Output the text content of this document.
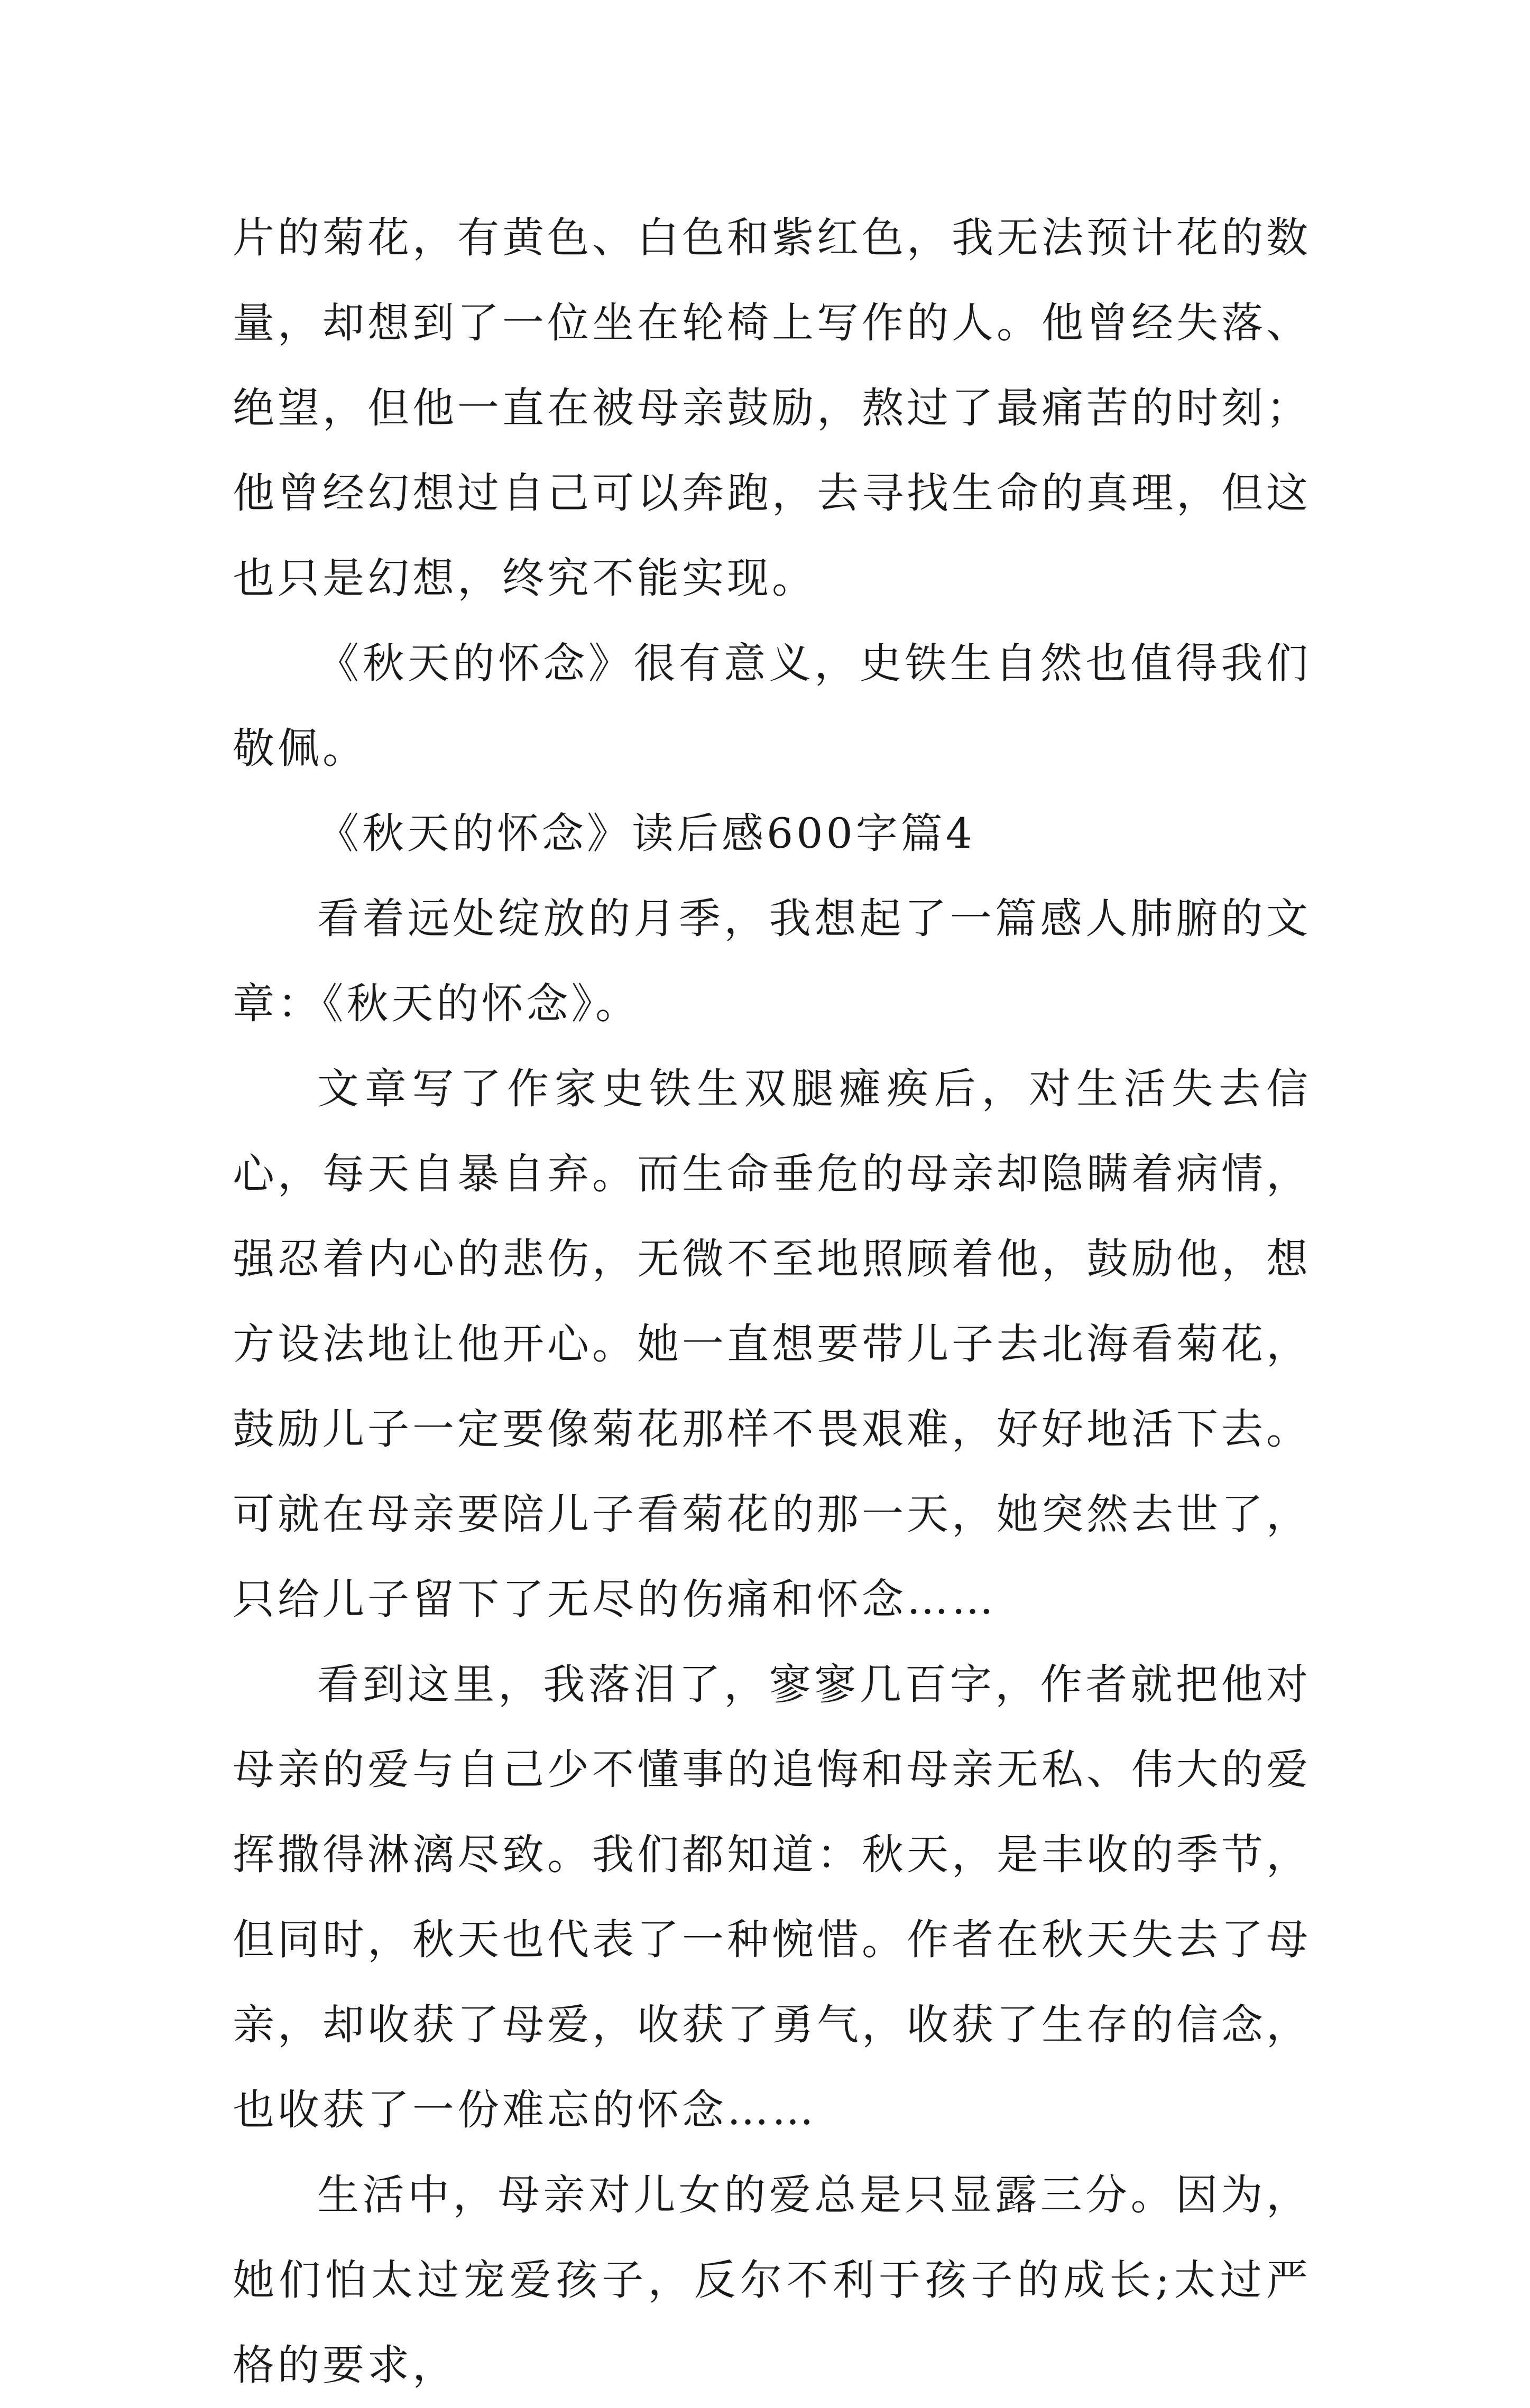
片的菊花，有黄色、白色和紫红色，我无法预计花的数量，却想到了一位坐在轮椅上写作的人。他曾经失落、绝望，但他一直在被母亲鼓励，熬过了最痛苦的时刻；他曾经幻想过自己可以奔跑，去寻找生命的真理，但这也只是幻想，终究不能实现。

《秋天的怀念》很有意义，史铁生自然也值得我们敬佩。

《秋天的怀念》读后感600字篇4

看着远处绽放的月季，我想起了一篇感人肺腑的文章：《秋天的怀念》。

文章写了作家史铁生双腿瘫痪后，对生活失去信心，每天自暴自弃。而生命垂危的母亲却隐瞒着病情，强忍着内心的悲伤，无微不至地照顾着他，鼓励他，想方设法地让他开心。她一直想要带儿子去北海看菊花，鼓励儿子一定要像菊花那样不畏艰难，好好地活下去。可就在母亲要陪儿子看菊花的那一天，她突然去世了，只给儿子留下了无尽的伤痛和怀念……

看到这里，我落泪了，寥寥几百字，作者就把他对母亲的爱与自己少不懂事的追悔和母亲无私、伟大的爱挥撒得淋漓尽致。我们都知道：秋天，是丰收的季节，但同时，秋天也代表了一种惋惜。作者在秋天失去了母亲，却收获了母爱，收获了勇气，收获了生存的信念，也收获了一份难忘的怀念……

生活中，母亲对儿女的爱总是只显露三分。因为，她们怕太过宠爱孩子，反尔不利于孩子的成长;太过严格的要求，
